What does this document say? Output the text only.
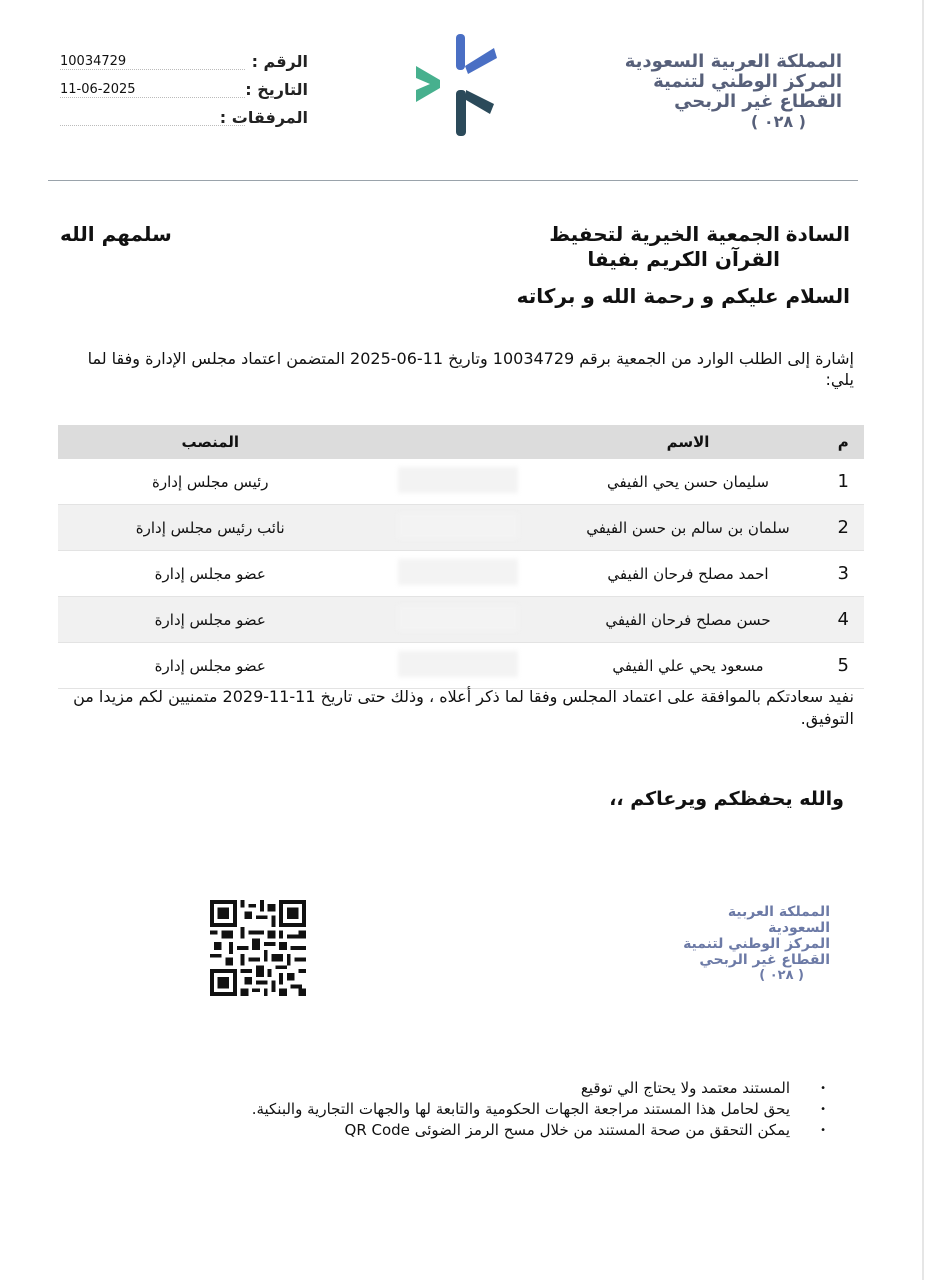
10034729	الرقم :
11-06-2025	التاريخ :
المرفقات :
المملكة العربية السعودية
المركز الوطني لتنمية
القطاع غير الربحي
( ٠٢٨ )
السادة
الجمعية الخيرية لتحفيظ القرآن الكريم بفيفا
سلمهم الله
السلام عليكم و رحمة الله و بركاته
إشارة إلى الطلب الوارد من الجمعية برقم 10034729 وتاريخ 11-06-2025 المتضمن اعتماد مجلس الإدارة وفقا لما يلي:
م	الاسم		المنصب
1	سليمان حسن يحي الفيفي		رئيس مجلس إدارة
2	سلمان بن سالم بن حسن الفيفي		نائب رئيس مجلس إدارة
3	احمد مصلح فرحان الفيفي		عضو مجلس إدارة
4	حسن مصلح فرحان الفيفي		عضو مجلس إدارة
5	مسعود يحي علي الفيفي		عضو مجلس إدارة
نفيد سعادتكم بالموافقة على اعتماد المجلس وفقا لما ذكر أعلاه ، وذلك حتى تاريخ 11-11-2029 متمنيين لكم مزيدا من التوفيق.
والله يحفظكم ويرعاكم ،،
المملكة العربية السعودية
المركز الوطني لتنمية
القطاع غير الربحي
( ٠٢٨ )
• المستند معتمد ولا يحتاج الي توقيع
• يحق لحامل هذا المستند مراجعة الجهات الحكومية والتابعة لها والجهات التجارية والبنكية.
• يمكن التحقق من صحة المستند من خلال مسح الرمز الضوئى QR Code
